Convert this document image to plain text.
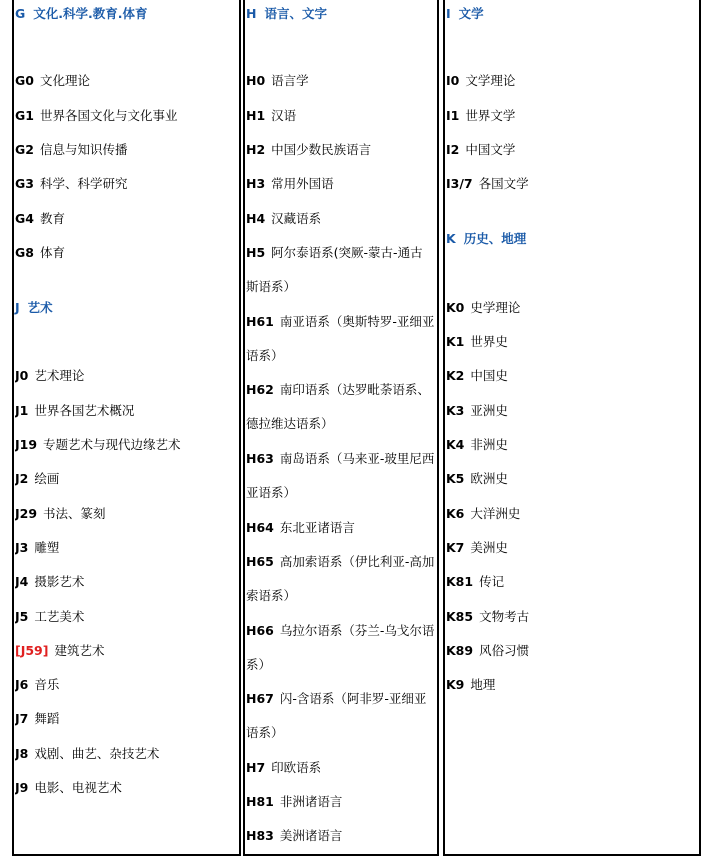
G 文化.科学.教育.体育
G0 文化理论
G1 世界各国文化与文化事业
G2 信息与知识传播
G3 科学、科学研究
G4 教育
G8 体育
J 艺术
J0 艺术理论
J1 世界各国艺术概况
J19 专题艺术与现代边缘艺术
J2 绘画
J29 书法、篆刻
J3 雕塑
J4 摄影艺术
J5 工艺美术
[J59] 建筑艺术
J6 音乐
J7 舞蹈
J8 戏剧、曲艺、杂技艺术
J9 电影、电视艺术
H 语言、文字
H0 语言学
H1 汉语
H2 中国少数民族语言
H3 常用外国语
H4 汉藏语系
H5 阿尔泰语系(突厥-蒙古-通古
斯语系）
H61 南亚语系（奥斯特罗-亚细亚
语系）
H62 南印语系（达罗毗荼语系、
德拉维达语系）
H63 南岛语系（马来亚-玻里尼西
亚语系）
H64 东北亚诸语言
H65 高加索语系（伊比利亚-高加
索语系）
H66 乌拉尔语系（芬兰-乌戈尔语
系）
H67 闪-含语系（阿非罗-亚细亚
语系）
H7 印欧语系
H81 非洲诸语言
H83 美洲诸语言
I 文学
I0 文学理论
I1 世界文学
I2 中国文学
I3/7 各国文学
K 历史、地理
K0 史学理论
K1 世界史
K2 中国史
K3 亚洲史
K4 非洲史
K5 欧洲史
K6 大洋洲史
K7 美洲史
K81 传记
K85 文物考古
K89 风俗习惯
K9 地理
